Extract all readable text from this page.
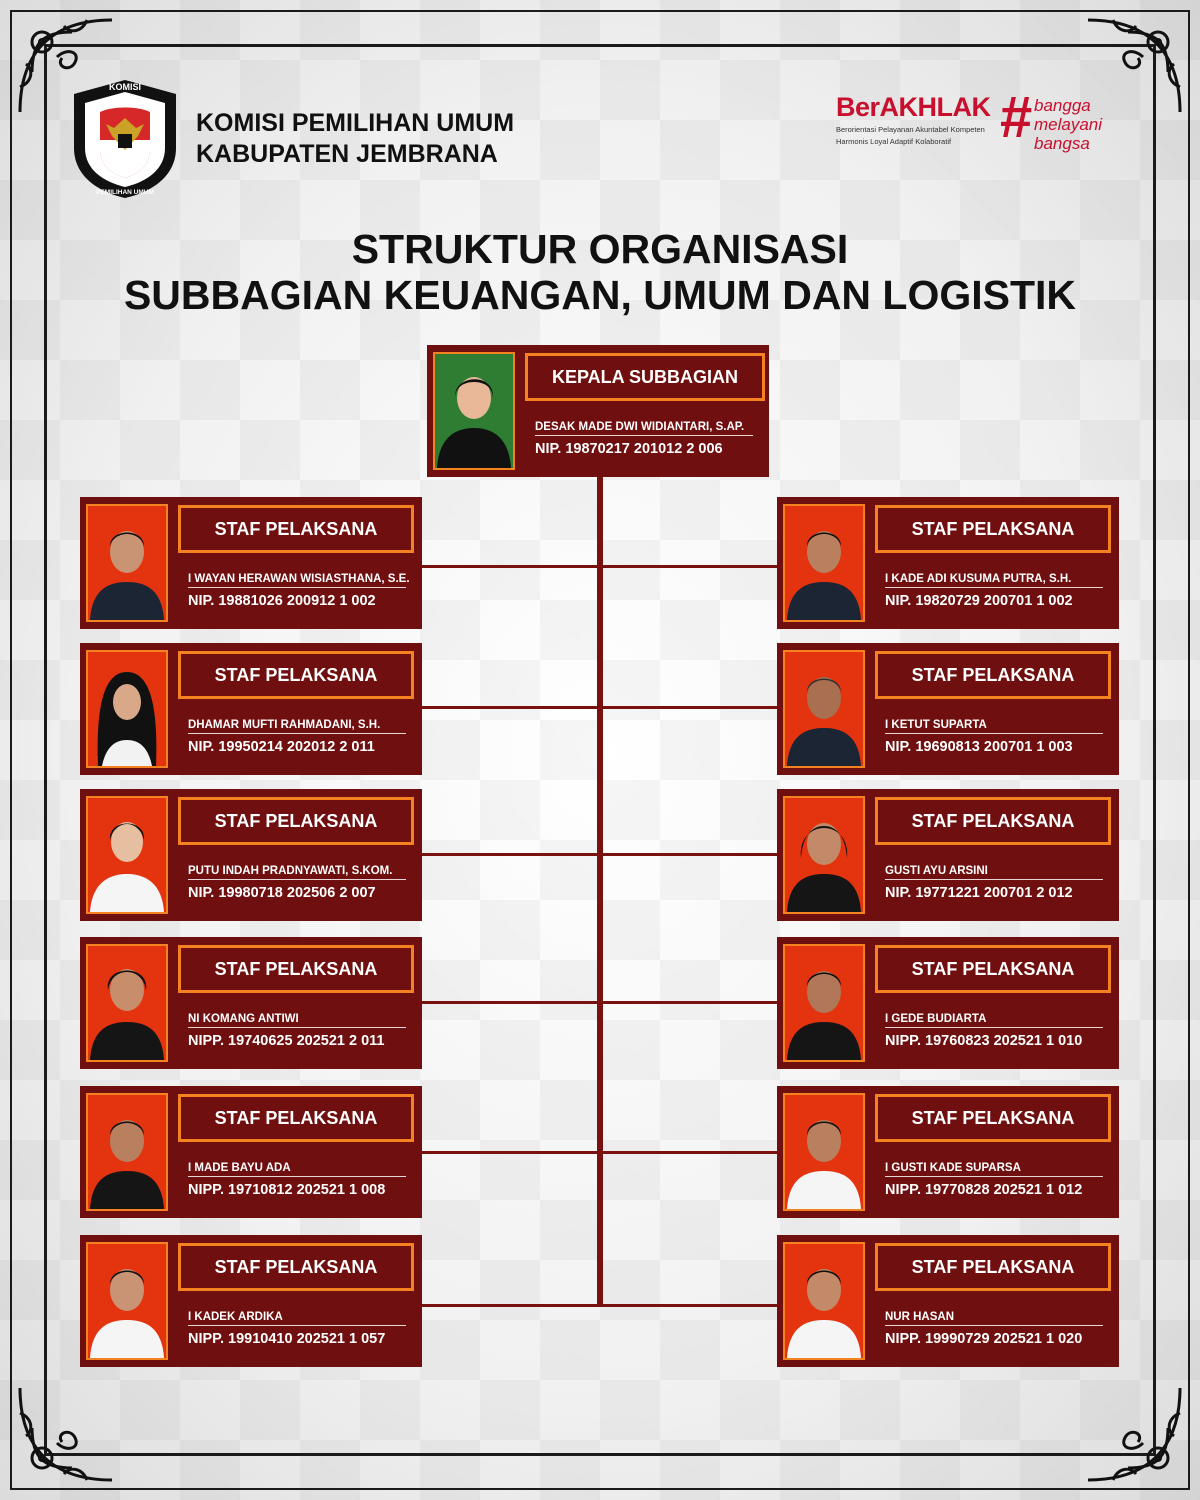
KOMISI
PEMILIHAN UMUM
KOMISI PEMILIHAN UMUM
KABUPATEN JEMBRANA
BerAKHLAK
Berorientasi Pelayanan Akuntabel Kompeten
Harmonis Loyal Adaptif Kolaboratif # bangga
melayani
bangsa
STRUKTUR ORGANISASI
SUBBAGIAN KEUANGAN, UMUM DAN LOGISTIK
KEPALA SUBBAGIAN
DESAK MADE DWI WIDIANTARI, S.AP.
NIP. 19870217 201012 2 006
STAF PELAKSANA
I WAYAN HERAWAN WISIASTHANA, S.E.
NIP. 19881026 200912 1 002
STAF PELAKSANA
DHAMAR MUFTI RAHMADANI, S.H.
NIP. 19950214 202012 2 011
STAF PELAKSANA
PUTU INDAH PRADNYAWATI, S.KOM.
NIP. 19980718 202506 2 007
STAF PELAKSANA
NI KOMANG ANTIWI
NIPP. 19740625 202521 2 011
STAF PELAKSANA
I MADE BAYU ADA
NIPP. 19710812 202521 1 008
STAF PELAKSANA
I KADEK ARDIKA
NIPP. 19910410 202521 1 057
STAF PELAKSANA
I KADE ADI KUSUMA PUTRA, S.H.
NIP. 19820729 200701 1 002
STAF PELAKSANA
I KETUT SUPARTA
NIP. 19690813 200701 1 003
STAF PELAKSANA
GUSTI AYU ARSINI
NIP. 19771221 200701 2 012
STAF PELAKSANA
I GEDE BUDIARTA
NIPP. 19760823 202521 1 010
STAF PELAKSANA
I GUSTI KADE SUPARSA
NIPP. 19770828 202521 1 012
STAF PELAKSANA
NUR HASAN
NIPP. 19990729 202521 1 020
